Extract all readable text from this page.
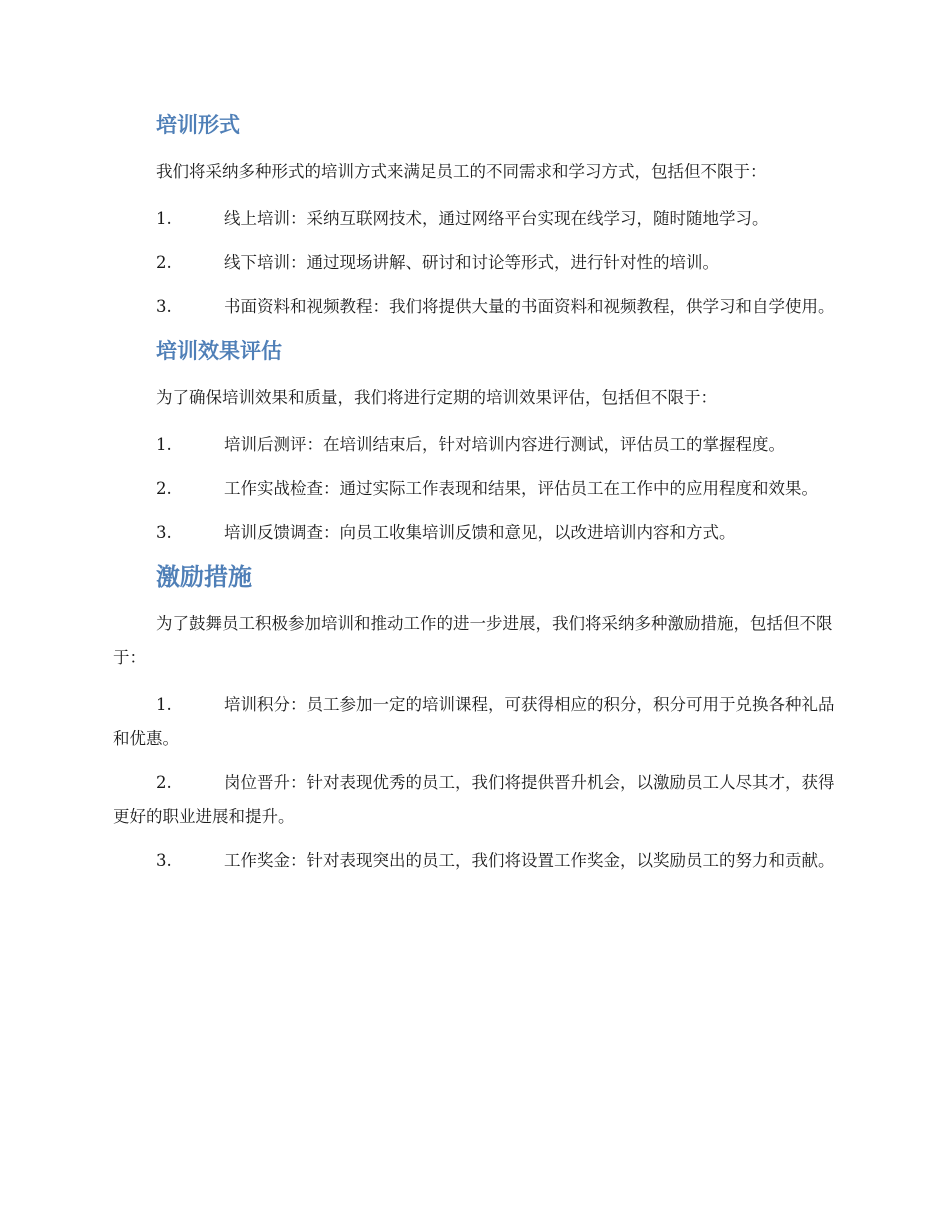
培训形式

我们将采纳多种形式的培训方式来满足员工的不同需求和学习方式，包括但不限于：

1.	线上培训：采纳互联网技术，通过网络平台实现在线学习，随时随地学习。

2.	线下培训：通过现场讲解、研讨和讨论等形式，进行针对性的培训。

3.	书面资料和视频教程：我们将提供大量的书面资料和视频教程，供学习和自学使用。

培训效果评估

为了确保培训效果和质量，我们将进行定期的培训效果评估，包括但不限于：

1.	培训后测评：在培训结束后，针对培训内容进行测试，评估员工的掌握程度。

2.	工作实战检查：通过实际工作表现和结果，评估员工在工作中的应用程度和效果。

3.	培训反馈调查：向员工收集培训反馈和意见，以改进培训内容和方式。

激励措施

为了鼓舞员工积极参加培训和推动工作的进一步进展，我们将采纳多种激励措施，包括但不限于：

1.	培训积分：员工参加一定的培训课程，可获得相应的积分，积分可用于兑换各种礼品和优惠。

2.	岗位晋升：针对表现优秀的员工，我们将提供晋升机会，以激励员工人尽其才，获得更好的职业进展和提升。

3.	工作奖金：针对表现突出的员工，我们将设置工作奖金，以奖励员工的努力和贡献。
